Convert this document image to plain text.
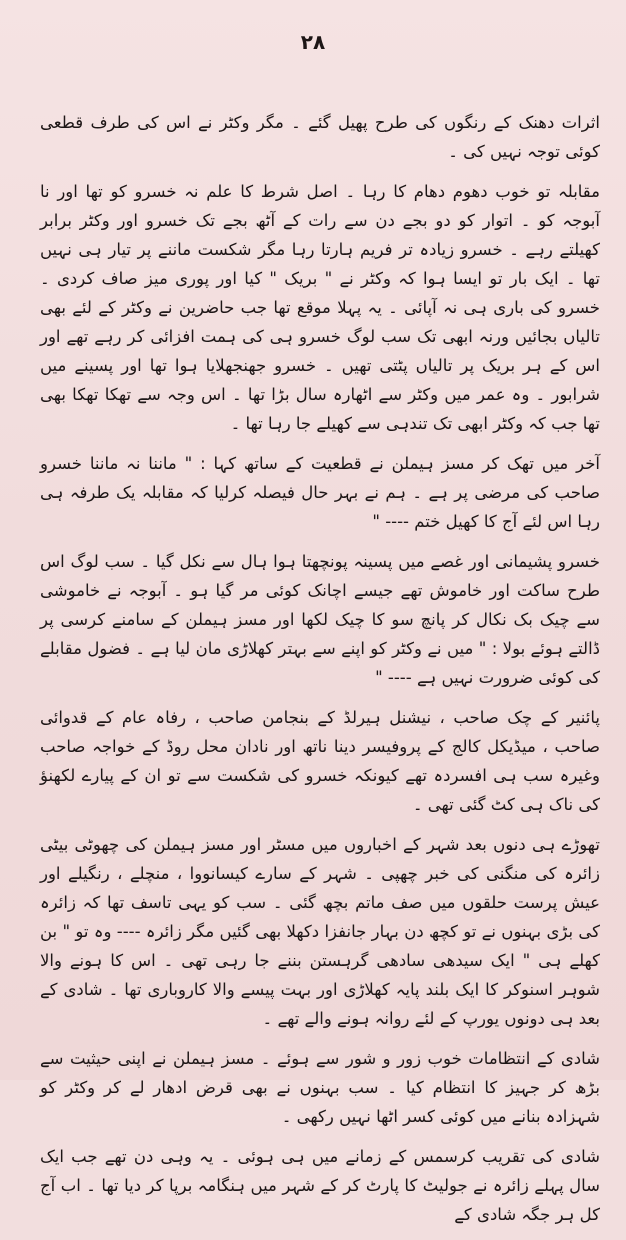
۲۸

اثرات دھنک کے رنگوں کی طرح پھیل گئے ۔ مگر وکٹر نے اس کی طرف قطعی کوئی توجہ نہیں کی ۔

مقابلہ تو خوب دھوم دھام کا رہا ۔ اصل شرط کا علم نہ خسرو کو تھا اور نا آبوجہ کو ۔ اتوار کو دو بجے دن سے رات کے آٹھ بجے تک خسرو اور وکٹر برابر کھیلتے رہے ۔ خسرو زیادہ تر فریم ہارتا رہا مگر شکست ماننے پر تیار ہی نہیں تھا ۔ ایک بار تو ایسا ہوا کہ وکٹر نے " بریک " کیا اور پوری میز صاف کردی ۔ خسرو کی باری ہی نہ آپائی ۔ یہ پہلا موقع تھا جب حاضرین نے وکٹر کے لئے بھی تالیاں بجائیں ورنہ ابھی تک سب لوگ خسرو ہی کی ہمت افزائی کر رہے تھے اور اس کے ہر بریک پر تالیاں پٹتی تھیں ۔ خسرو جھنجھلایا ہوا تھا اور پسینے میں شرابور ۔ وہ عمر میں وکٹر سے اٹھارہ سال بڑا تھا ۔ اس وجہ سے تھکا تھکا بھی تھا جب کہ وکٹر ابھی تک تندہی سے کھیلے جا رہا تھا ۔

آخر میں تھک کر مسز ہیملن نے قطعیت کے ساتھ کہا : " ماننا نہ ماننا خسرو صاحب کی مرضی پر ہے ۔ ہم نے بہر حال فیصلہ کرلیا کہ مقابلہ یک طرفہ ہی رہا اس لئے آج کا کھیل ختم ---- "

خسرو پشیمانی اور غصے میں پسینہ پونچھتا ہوا ہال سے نکل گیا ۔ سب لوگ اس طرح ساکت اور خاموش تھے جیسے اچانک کوئی مر گیا ہو ۔ آبوجہ نے خاموشی سے چیک بک نکال کر پانچ سو کا چیک لکھا اور مسز ہیملن کے سامنے کرسی پر ڈالتے ہوئے بولا : " میں نے وکٹر کو اپنے سے بہتر کھلاڑی مان لیا ہے ۔ فضول مقابلے کی کوئی ضرورت نہیں ہے ---- "

پائنیر کے چک صاحب ، نیشنل ہیرلڈ کے بنجامن صاحب ، رفاہ عام کے قدوائی صاحب ، میڈیکل کالج کے پروفیسر دینا ناتھ اور نادان محل روڈ کے خواجہ صاحب وغیرہ سب ہی افسردہ تھے کیونکہ خسرو کی شکست سے تو ان کے پیارے لکھنؤ کی ناک ہی کٹ گئی تھی ۔

تھوڑے ہی دنوں بعد شہر کے اخباروں میں مسٹر اور مسز ہیملن کی چھوٹی بیٹی زائرہ کی منگنی کی خبر چھپی ۔ شہر کے سارے کیسانووا ، منچلے ، رنگیلے اور عیش پرست حلقوں میں صف ماتم بچھ گئی ۔ سب کو یہی تاسف تھا کہ زائرہ کی بڑی بہنوں نے تو کچھ دن بہار جانفزا دکھلا بھی گئیں مگر زائرہ ---- وہ تو " بن کھلے ہی " ایک سیدھی سادھی گرہستن بننے جا رہی تھی ۔ اس کا ہونے والا شوہر اسنوکر کا ایک بلند پایہ کھلاڑی اور بہت پیسے والا کاروباری تھا ۔ شادی کے بعد ہی دونوں یورپ کے لئے روانہ ہونے والے تھے ۔

شادی کے انتظامات خوب زور و شور سے ہوئے ۔ مسز ہیملن نے اپنی حیثیت سے بڑھ کر جہیز کا انتظام کیا ۔ سب بہنوں نے بھی قرض ادھار لے کر وکٹر کو شہزادہ بنانے میں کوئی کسر اٹھا نہیں رکھی ۔

شادی کی تقریب کرسمس کے زمانے میں ہی ہوئی ۔ یہ وہی دن تھے جب ایک سال پہلے زائرہ نے جولیٹ کا پارٹ کر کے شہر میں ہنگامہ برپا کر دیا تھا ۔ اب آج کل ہر جگہ شادی کے
